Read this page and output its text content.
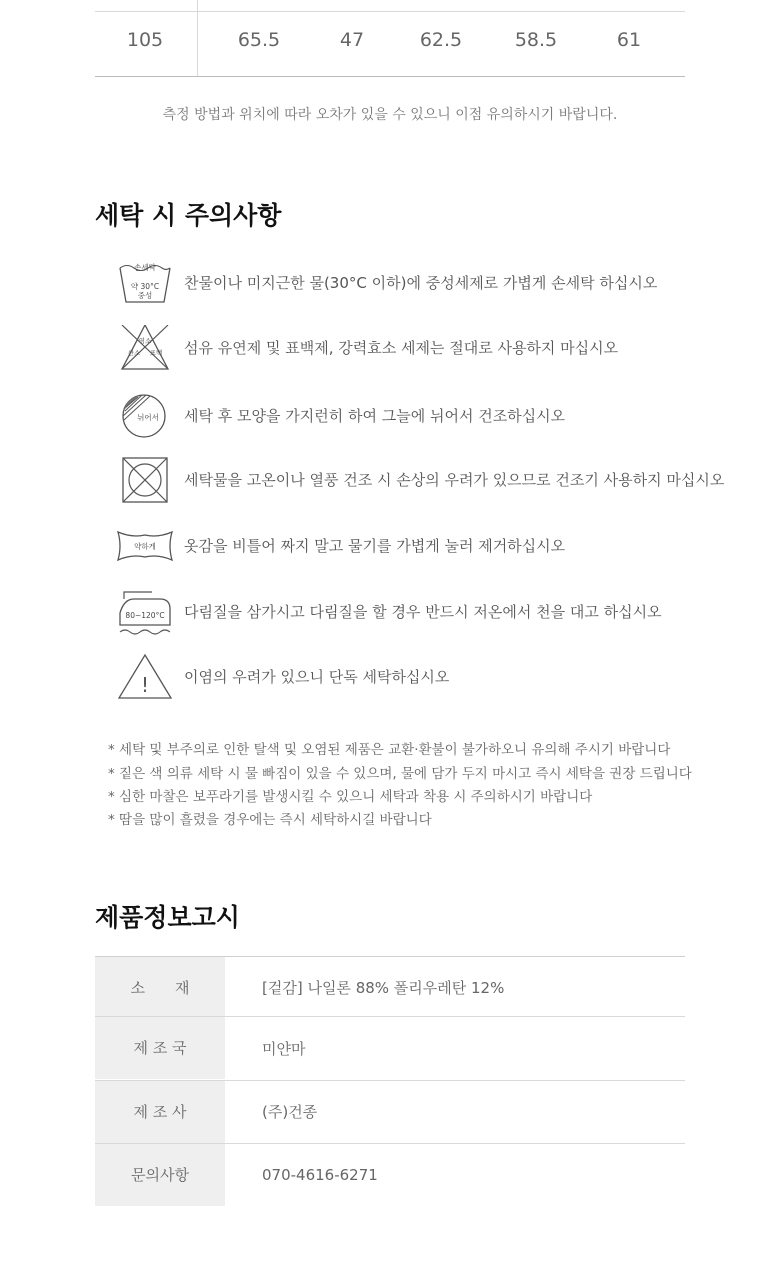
105	65.5	47	62.5	58.5	61
측정 방법과 위치에 따라 오차가 있을 수 있으니 이점 유의하시기 바랍니다.
세탁 시 주의사항
손세탁
약 30°C
중성
찬물이나 미지근한 물(30°C 이하)에 중성세제로 가볍게 손세탁 하십시오
염소
산소 표백 섬유 유연제 및 표백제, 강력효소 세제는 절대로 사용하지 마십시오
뉘어서 세탁 후 모양을 가지런히 하여 그늘에 뉘어서 건조하십시오
세탁물을 고온이나 열풍 건조 시 손상의 우려가 있으므로 건조기 사용하지 마십시오
약하게 옷감을 비틀어 짜지 말고 물기를 가볍게 눌러 제거하십시오
80~120°C 다림질을 삼가시고 다림질을 할 경우 반드시 저온에서 천을 대고 하십시오
! 이염의 우려가 있으니 단독 세탁하십시오
* 세탁 및 부주의로 인한 탈색 및 오염된 제품은 교환·환불이 불가하오니 유의해 주시기 바랍니다
* 짙은 색 의류 세탁 시 물 빠짐이 있을 수 있으며, 물에 담가 두지 마시고 즉시 세탁을 권장 드립니다
* 심한 마찰은 보푸라기를 발생시킬 수 있으니 세탁과 착용 시 주의하시기 바랍니다
* 땀을 많이 흘렸을 경우에는 즉시 세탁하시길 바랍니다
제품정보고시
소　　재	[겉감] 나일론 88% 폴리우레탄 12%
제 조 국	미얀마
제 조 사	(주)건종
문의사항	070-4616-6271
